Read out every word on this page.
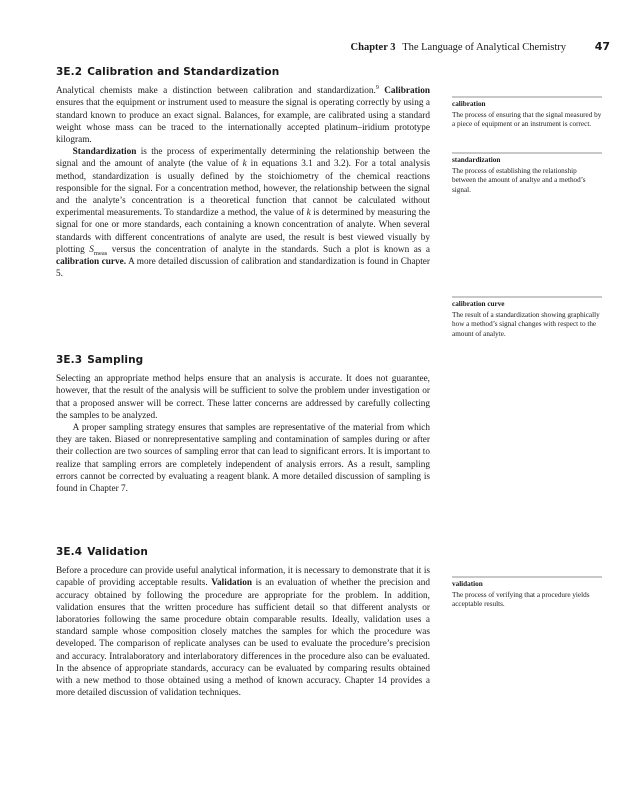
Chapter 3 The Language of Analytical Chemistry	47
3E.2 Calibration and Standardization

Analytical chemists make a distinction between calibration and standardization.$^9$ Calibration ensures that the equipment or instrument used to measure the signal is operating correctly by using a standard known to produce an exact signal. Balances, for example, are calibrated using a standard weight whose mass can be traced to the internationally accepted platinum–iridium prototype kilogram.

Standardization is the process of experimentally determining the relationship between the signal and the amount of analyte (the value of k in equations 3.1 and 3.2). For a total analysis method, standardization is usually defined by the stoichiometry of the chemical reactions responsible for the signal. For a concentration method, however, the relationship between the signal and the analyte’s concentration is a theoretical function that cannot be calculated without experimental measurements. To standardize a method, the value of k is determined by measuring the signal for one or more standards, each containing a known concentration of analyte. When several standards with different concentrations of analyte are used, the result is best viewed visually by plotting $S_{meas}$ versus the concentration of analyte in the standards. Such a plot is known as a calibration curve. A more detailed discussion of calibration and standardization is found in Chapter 5.

3E.3 Sampling

Selecting an appropriate method helps ensure that an analysis is accurate. It does not guarantee, however, that the result of the analysis will be sufficient to solve the problem under investigation or that a proposed answer will be correct. These latter concerns are addressed by carefully collecting the samples to be analyzed.

A proper sampling strategy ensures that samples are representative of the material from which they are taken. Biased or nonrepresentative sampling and contamination of samples during or after their collection are two sources of sampling error that can lead to significant errors. It is important to realize that sampling errors are completely independent of analysis errors. As a result, sampling errors cannot be corrected by evaluating a reagent blank. A more detailed discussion of sampling is found in Chapter 7.

3E.4 Validation

Before a procedure can provide useful analytical information, it is necessary to demonstrate that it is capable of providing acceptable results. Validation is an evaluation of whether the precision and accuracy obtained by following the procedure are appropriate for the problem. In addition, validation ensures that the written procedure has sufficient detail so that different analysts or laboratories following the same procedure obtain comparable results. Ideally, validation uses a standard sample whose composition closely matches the samples for which the procedure was developed. The comparison of replicate analyses can be used to evaluate the procedure’s precision and accuracy. Intralaboratory and interlaboratory differences in the procedure also can be evaluated. In the absence of appropriate standards, accuracy can be evaluated by comparing results obtained with a new method to those obtained using a method of known accuracy. Chapter 14 provides a more detailed discussion of validation techniques.

calibration
The process of ensuring that the signal measured by a piece of equipment or an instrument is correct.
standardization
The process of establishing the relationship between the amount of analtye and a method’s signal.
calibration curve
The result of a standardization showing graphically how a method’s signal changes with respect to the amount of analyte.
validation
The process of verifying that a procedure yields acceptable results.
